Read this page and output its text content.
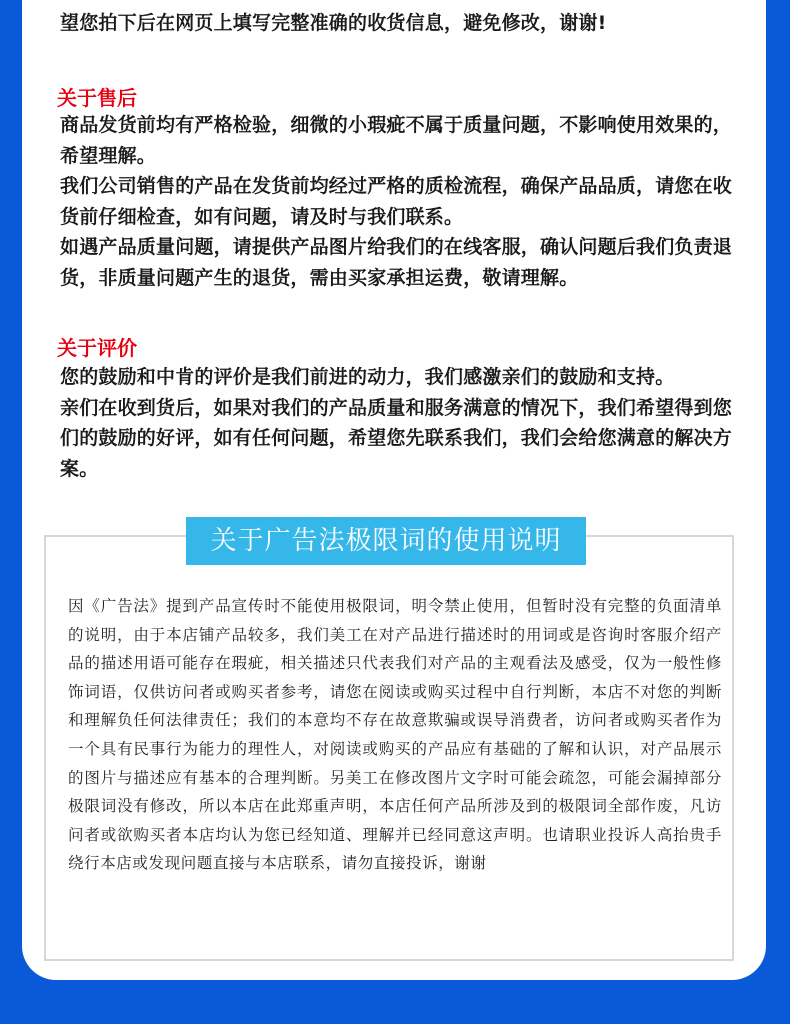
望您拍下后在网页上填写完整准确的收货信息，避免修改，谢谢!
关于售后

商品发货前均有严格检验，细微的小瑕疵不属于质量问题，不影响使用效果的，希望理解。

我们公司销售的产品在发货前均经过严格的质检流程，确保产品品质，请您在收货前仔细检查，如有问题，请及时与我们联系。

如遇产品质量问题，请提供产品图片给我们的在线客服，确认问题后我们负责退货，非质量问题产生的退货，需由买家承担运费，敬请理解。

关于评价

您的鼓励和中肯的评价是我们前进的动力，我们感激亲们的鼓励和支持。

亲们在收到货后，如果对我们的产品质量和服务满意的情况下，我们希望得到您们的鼓励的好评，如有任何问题，希望您先联系我们，我们会给您满意的解决方案。

关于广告法极限词的使用说明
因《广告法》提到产品宣传时不能使用极限词，明令禁止使用，但暂时没有完整的负面清单的说明，由于本店铺产品较多，我们美工在对产品进行描述时的用词或是咨询时客服介绍产品的描述用语可能存在瑕疵，相关描述只代表我们对产品的主观看法及感受，仅为一般性修饰词语，仅供访问者或购买者参考，请您在阅读或购买过程中自行判断，本店不对您的判断和理解负任何法律责任；我们的本意均不存在故意欺骗或误导消费者，访问者或购买者作为一个具有民事行为能力的理性人，对阅读或购买的产品应有基础的了解和认识，对产品展示的图片与描述应有基本的合理判断。另美工在修改图片文字时可能会疏忽，可能会漏掉部分极限词没有修改，所以本店在此郑重声明，本店任何产品所涉及到的极限词全部作废，凡访问者或欲购买者本店均认为您已经知道、理解并已经同意这声明。也请职业投诉人高抬贵手绕行本店或发现问题直接与本店联系，请勿直接投诉，谢谢
